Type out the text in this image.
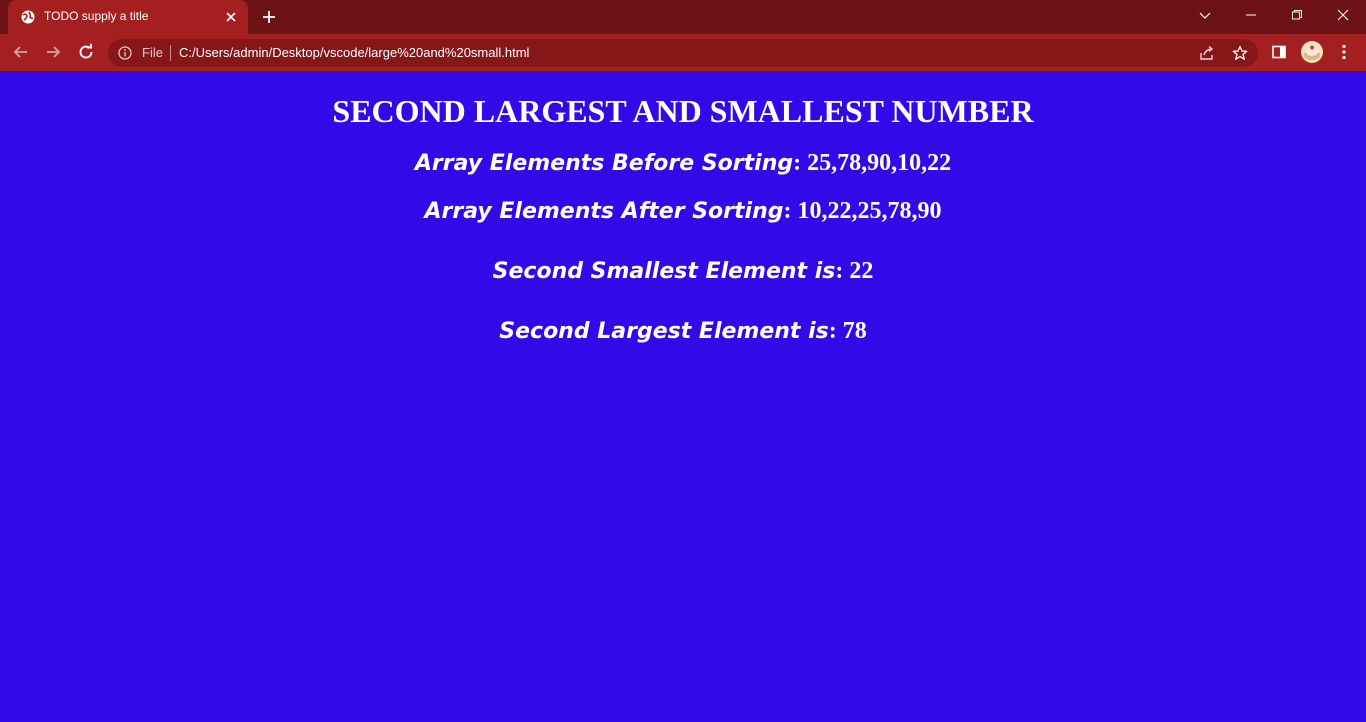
TODO supply a title
File C:/Users/admin/Desktop/vscode/large%20and%20small.html
SECOND LARGEST AND SMALLEST NUMBER

Array Elements Before Sorting: 25,78,90,10,22

Array Elements After Sorting: 10,22,25,78,90

Second Smallest Element is: 22

Second Largest Element is: 78
